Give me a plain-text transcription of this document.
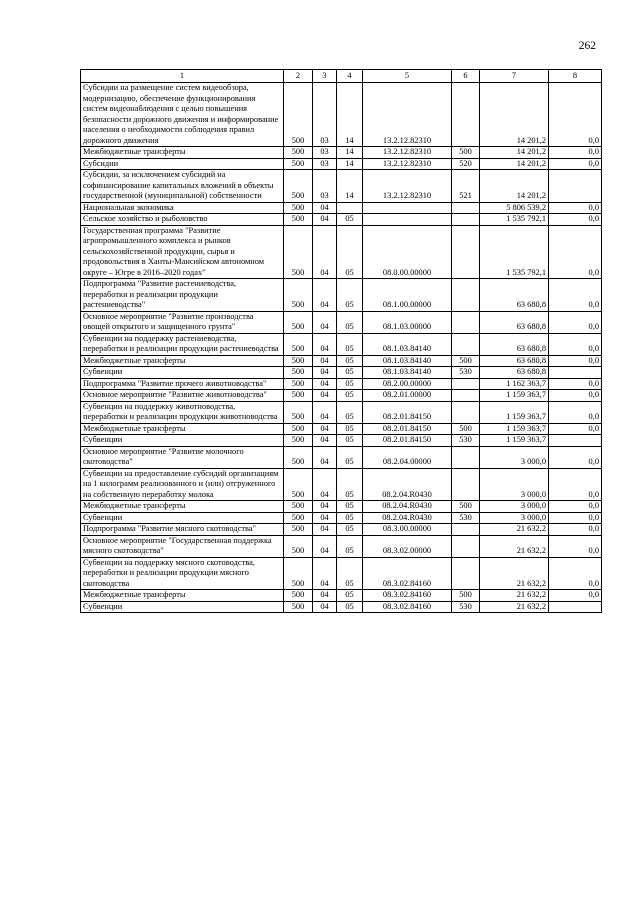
262
1	2	3	4	5	6	7	8
Субсидии на размещение систем видеообзора, модернизацию, обеспечение функционирования систем видеонаблюдения с целью повышения безопасности дорожного движения и информирование населения о необходимости соблюдения правил дорожного движения	500	03	14	13.2.12.82310		14 201,2	0,0
Межбюджетные трансферты	500	03	14	13.2.12.82310	500	14 201,2	0,0
Субсидии	500	03	14	13.2.12.82310	520	14 201,2	0,0
Субсидии, за исключением субсидий на софинансирование капитальных вложений в объекты государственной (муниципальной) собственности	500	03	14	13.2.12.82310	521	14 201,2	
Национальная экономика	500	04				5 806 539,2	0,0
Сельское хозяйство и рыболовство	500	04	05			1 535 792,1	0,0
Государственная программа "Развитие агропромышленного комплекса и рынков сельскохозяйственной продукции, сырья и продовольствия в Ханты-Мансийском автономном округе – Югре в 2016–2020 годах"	500	04	05	08.0.00.00000		1 535 792,1	0,0
Подпрограмма "Развитие растениеводства, переработки и реализации продукции растениеводства"	500	04	05	08.1.00.00000		63 680,8	0,0
Основное мероприятие "Развитие производства овощей открытого и защищенного грунта"	500	04	05	08.1.03.00000		63 680,8	0,0
Субвенции на поддержку растениеводства, переработки и реализации продукции растениеводства	500	04	05	08.1.03.84140		63 680,8	0,0
Межбюджетные трансферты	500	04	05	08.1.03.84140	500	63 680,8	0,0
Субвенции	500	04	05	08.1.03.84140	530	63 680,8	
Подпрограмма "Развитие прочего животноводства"	500	04	05	08.2.00.00000		1 162 363,7	0,0
Основное мероприятие "Развитие животноводства"	500	04	05	08.2.01.00000		1 159 363,7	0,0
Субвенции на поддержку животноводства, переработки и реализации продукции животноводства	500	04	05	08.2.01.84150		1 159 363,7	0,0
Межбюджетные трансферты	500	04	05	08.2.01.84150	500	1 159 363,7	0,0
Субвенции	500	04	05	08.2.01.84150	530	1 159 363,7	
Основное мероприятие "Развитие молочного скотоводства"	500	04	05	08.2.04.00000		3 000,0	0,0
Субвенции на предоставление субсидий организациям на 1 килограмм реализованного и (или) отгруженного на собственную переработку молока	500	04	05	08.2.04.R0430		3 000,0	0,0
Межбюджетные трансферты	500	04	05	08.2.04.R0430	500	3 000,0	0,0
Субвенции	500	04	05	08.2.04.R0430	530	3 000,0	0,0
Подпрограмма "Развитие мясного скотоводства"	500	04	05	08.3.00.00000		21 632,2	0,0
Основное мероприятие "Государственная поддержка мясного скотоводства"	500	04	05	08.3.02.00000		21 632,2	0,0
Субвенции на поддержку мясного скотоводства, переработки и реализации продукции мясного скотоводства	500	04	05	08.3.02.84160		21 632,2	0,0
Межбюджетные трансферты	500	04	05	08.3.02.84160	500	21 632,2	0,0
Субвенции	500	04	05	08.3.02.84160	530	21 632,2	
